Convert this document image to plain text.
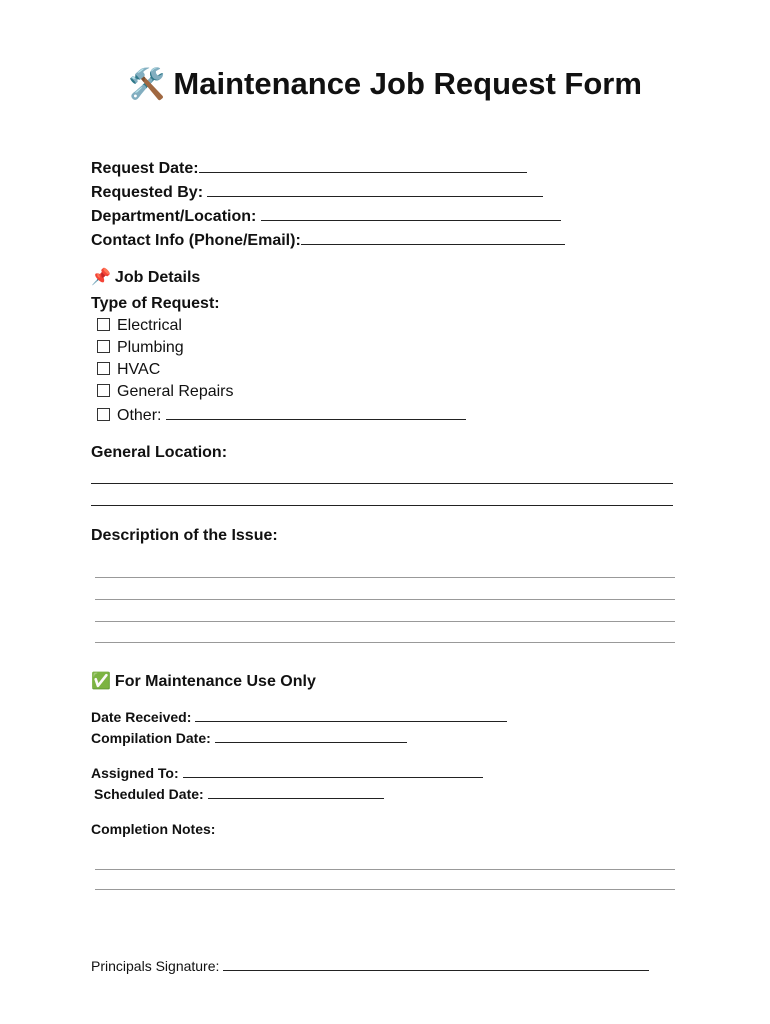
🛠️ Maintenance Job Request Form
Request Date:
Requested By:
Department/Location:
Contact Info (Phone/Email):
📌 Job Details
Type of Request:
Electrical
Plumbing
HVAC
General Repairs
Other:
General Location:
Description of the Issue:
✅ For Maintenance Use Only
Date Received:
Compilation Date:
Assigned To:
Scheduled Date:
Completion Notes:
Principals Signature:
